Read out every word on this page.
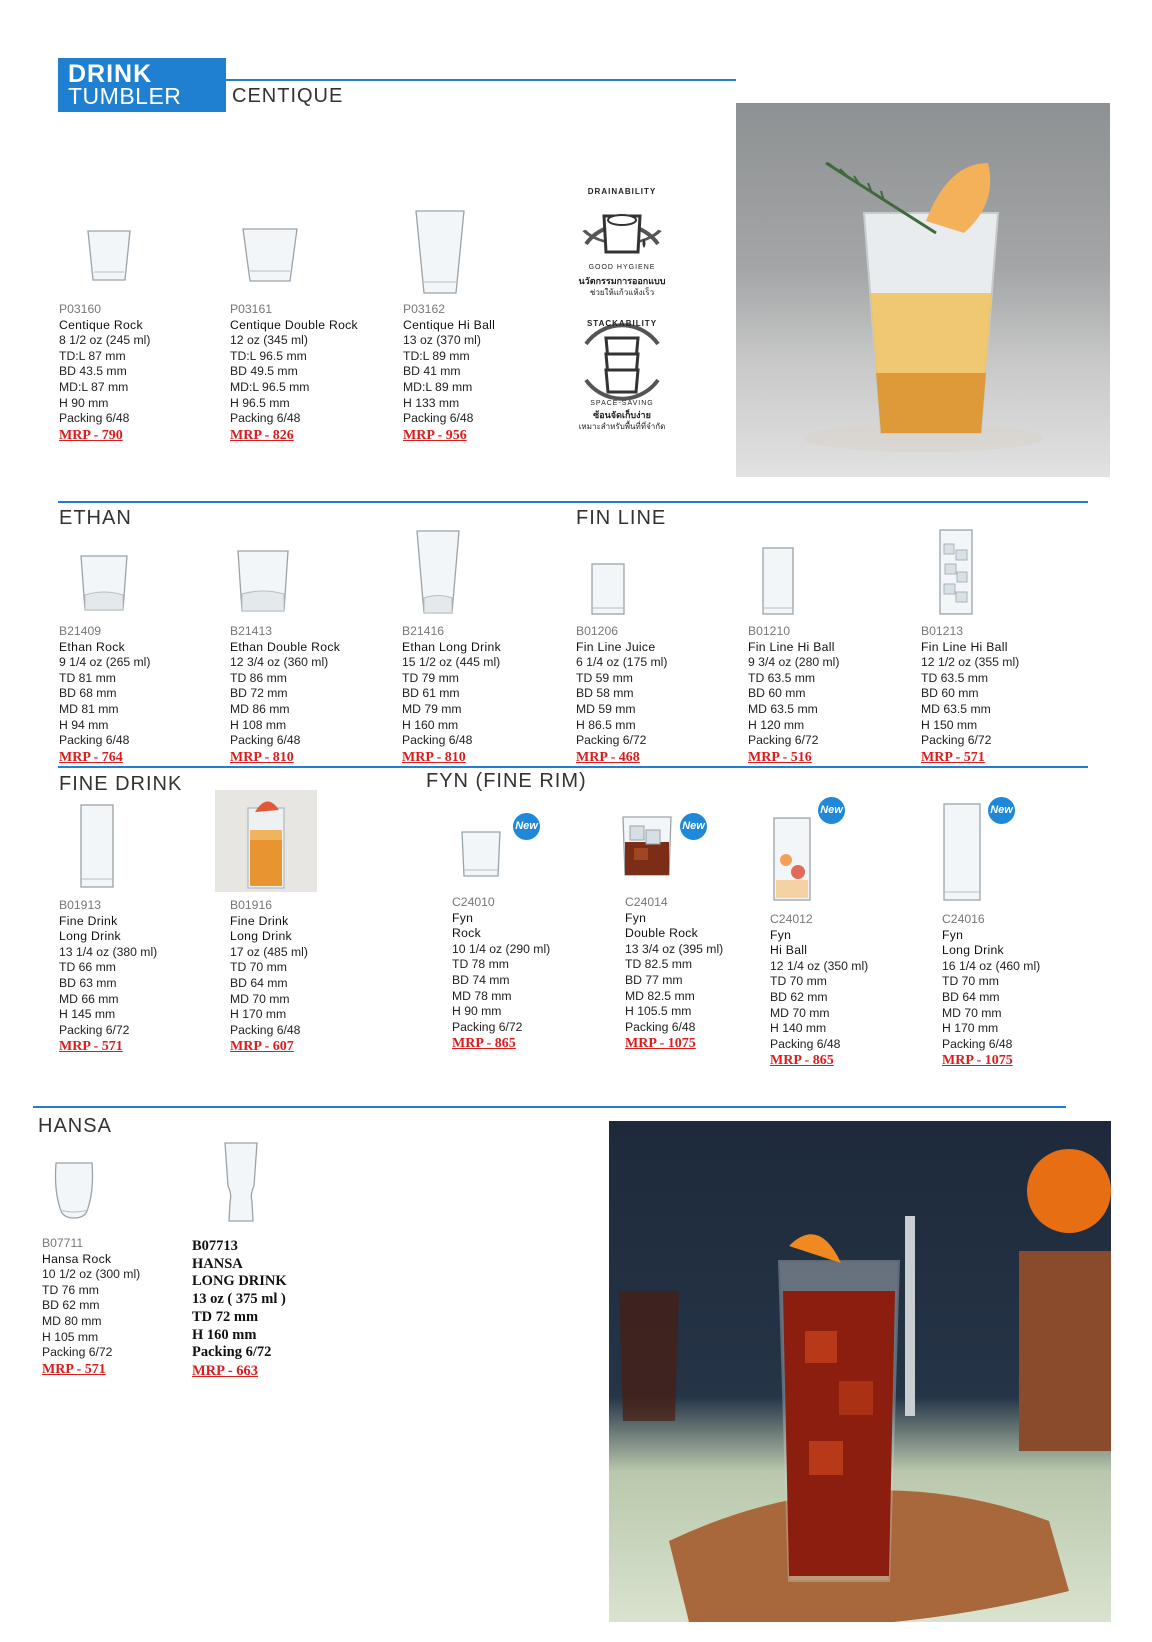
DRINK
TUMBLER	CENTIQUE
P03160
Centique Rock
8 1/2 oz (245 ml)
TD:L 87 mm
BD 43.5 mm
MD:L 87 mm
H 90 mm
Packing 6/48
MRP - 790
P03161
Centique Double Rock
12 oz (345 ml)
TD:L 96.5 mm
BD 49.5 mm
MD:L 96.5 mm
H 96.5 mm
Packing 6/48
MRP - 826
P03162
Centique Hi Ball
13 oz (370 ml)
TD:L 89 mm
BD 41 mm
MD:L 89 mm
H 133 mm
Packing 6/48
MRP - 956
DRAINABILITY
GOOD HYGIENE
นวัตกรรมการออกแบบ
ช่วยให้แก้วแห้งเร็ว
STACKABILITY
SPACE-SAVING
ซ้อนจัดเก็บง่าย
เหมาะสำหรับพื้นที่ที่จำกัด
ETHAN	FIN LINE
B21409
Ethan Rock
9 1/4 oz (265 ml)
TD 81 mm
BD 68 mm
MD 81 mm
H 94 mm
Packing 6/48
MRP - 764
B21413
Ethan Double Rock
12 3/4 oz (360 ml)
TD 86 mm
BD 72 mm
MD 86 mm
H 108 mm
Packing 6/48
MRP - 810
B21416
Ethan Long Drink
15 1/2 oz (445 ml)
TD 79 mm
BD 61 mm
MD 79 mm
H 160 mm
Packing 6/48
MRP - 810
B01206
Fin Line Juice
6 1/4 oz (175 ml)
TD 59 mm
BD 58 mm
MD 59 mm
H 86.5 mm
Packing 6/72
MRP - 468
B01210
Fin Line Hi Ball
9 3/4 oz (280 ml)
TD 63.5 mm
BD 60 mm
MD 63.5 mm
H 120 mm
Packing 6/72
MRP - 516
B01213
Fin Line Hi Ball
12 1/2 oz (355 ml)
TD 63.5 mm
BD 60 mm
MD 63.5 mm
H 150 mm
Packing 6/72
MRP - 571
FINE DRINK	FYN (FINE RIM)
New	New
New	New
B01913
Fine Drink
Long Drink
13 1/4 oz (380 ml)
TD 66 mm
BD 63 mm
MD 66 mm
H 145 mm
Packing 6/72
MRP - 571
B01916
Fine Drink
Long Drink
17 oz (485 ml)
TD 70 mm
BD 64 mm
MD 70 mm
H 170 mm
Packing 6/48
MRP - 607
C24010
Fyn
Rock
10 1/4 oz (290 ml)
TD 78 mm
BD 74 mm
MD 78 mm
H 90 mm
Packing 6/72
MRP - 865
C24014
Fyn
Double Rock
13 3/4 oz (395 ml)
TD 82.5 mm
BD 77 mm
MD 82.5 mm
H 105.5 mm
Packing 6/48
MRP - 1075
C24012
Fyn
Hi Ball
12 1/4 oz (350 ml)
TD 70 mm
BD 62 mm
MD 70 mm
H 140 mm
Packing 6/48
MRP - 865
C24016
Fyn
Long Drink
16 1/4 oz (460 ml)
TD 70 mm
BD 64 mm
MD 70 mm
H 170 mm
Packing 6/48
MRP - 1075
HANSA
B07711
Hansa Rock
10 1/2 oz (300 ml)
TD 76 mm
BD 62 mm
MD 80 mm
H 105 mm
Packing 6/72
MRP - 571
B07713
HANSA
LONG DRINK
13 oz ( 375 ml )
TD 72 mm
H 160 mm
Packing 6/72
MRP - 663
